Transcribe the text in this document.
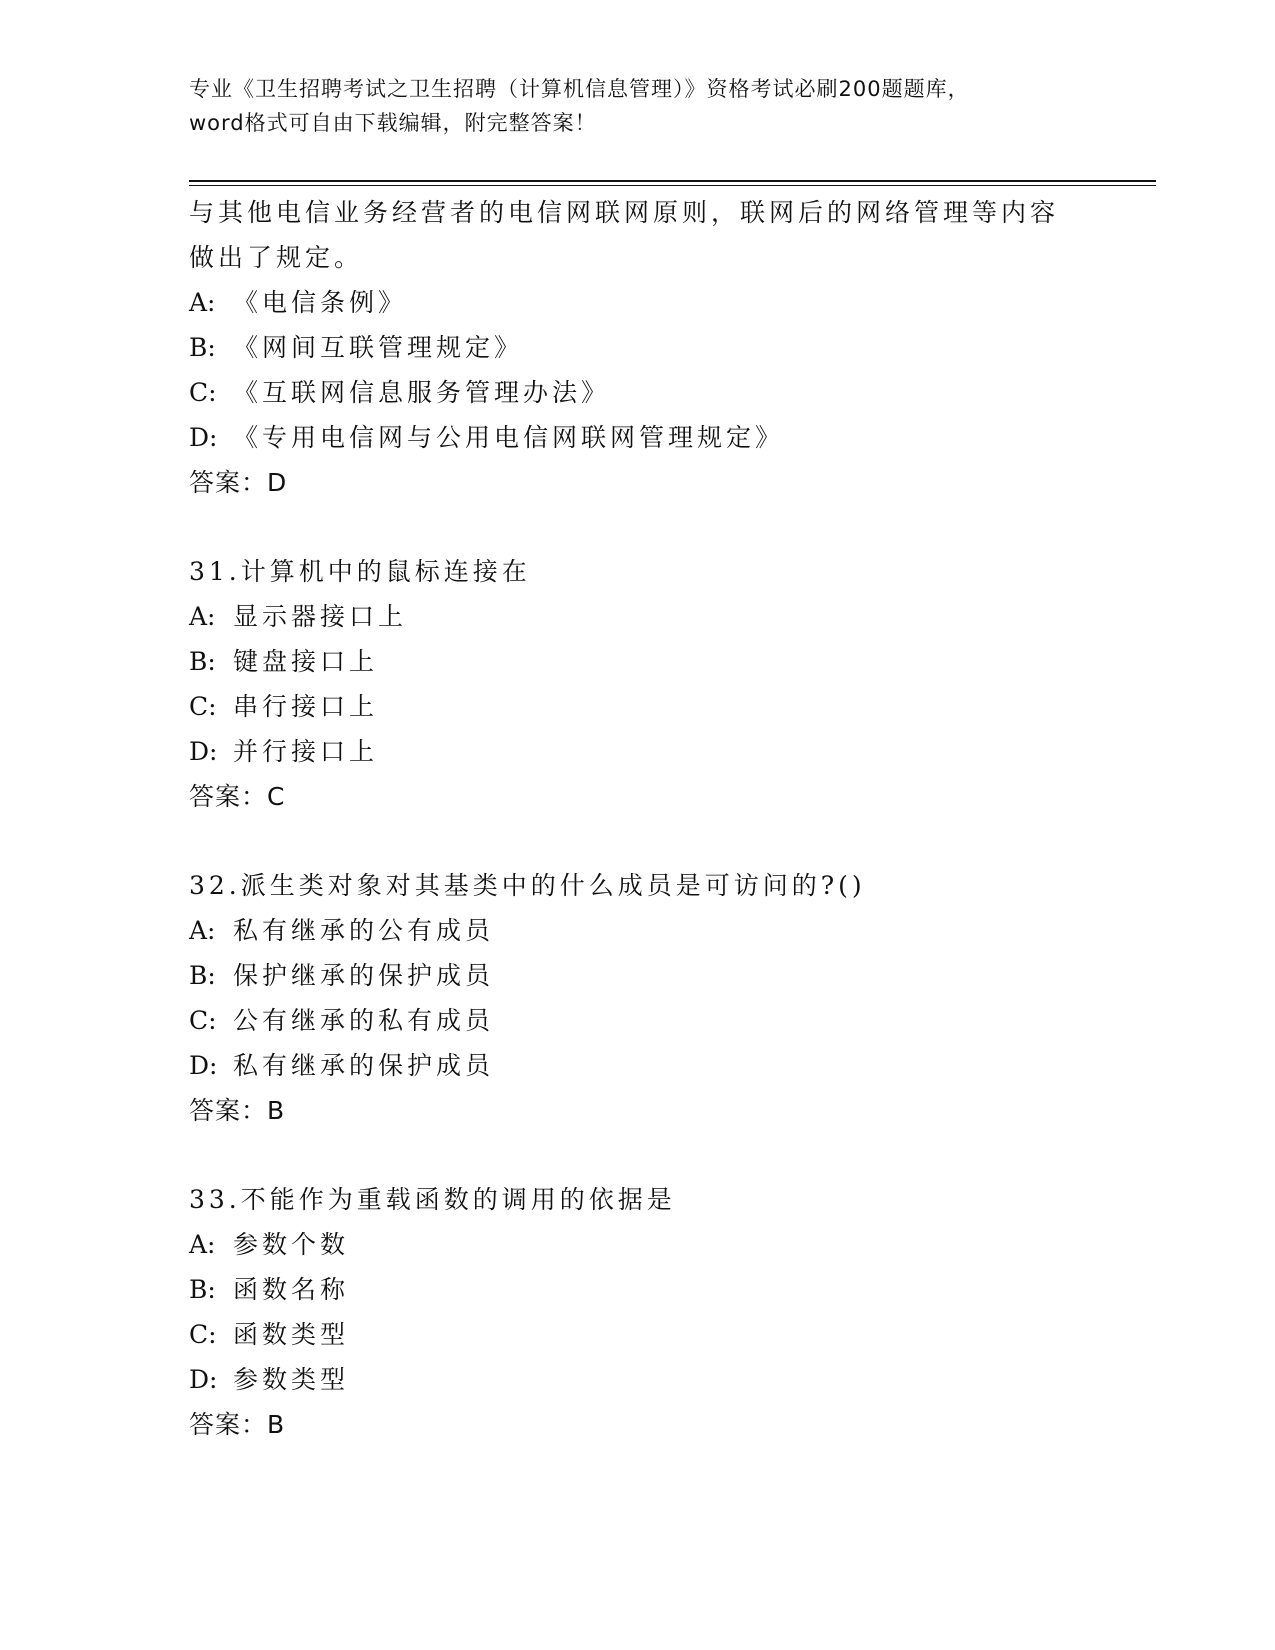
专业《卫生招聘考试之卫生招聘（计算机信息管理）》资格考试必刷200题题库，
word格式可自由下载编辑，附完整答案！
与其他电信业务经营者的电信网联网原则，联网后的网络管理等内容
做出了规定。
A: 《电信条例》
B: 《网间互联管理规定》
C: 《互联网信息服务管理办法》
D: 《专用电信网与公用电信网联网管理规定》
答案：D
31.计算机中的鼠标连接在
A: 显示器接口上
B: 键盘接口上
C: 串行接口上
D: 并行接口上
答案：C
32.派生类对象对其基类中的什么成员是可访问的?()
A: 私有继承的公有成员
B: 保护继承的保护成员
C: 公有继承的私有成员
D: 私有继承的保护成员
答案：B
33.不能作为重载函数的调用的依据是
A: 参数个数
B: 函数名称
C: 函数类型
D: 参数类型
答案：B
